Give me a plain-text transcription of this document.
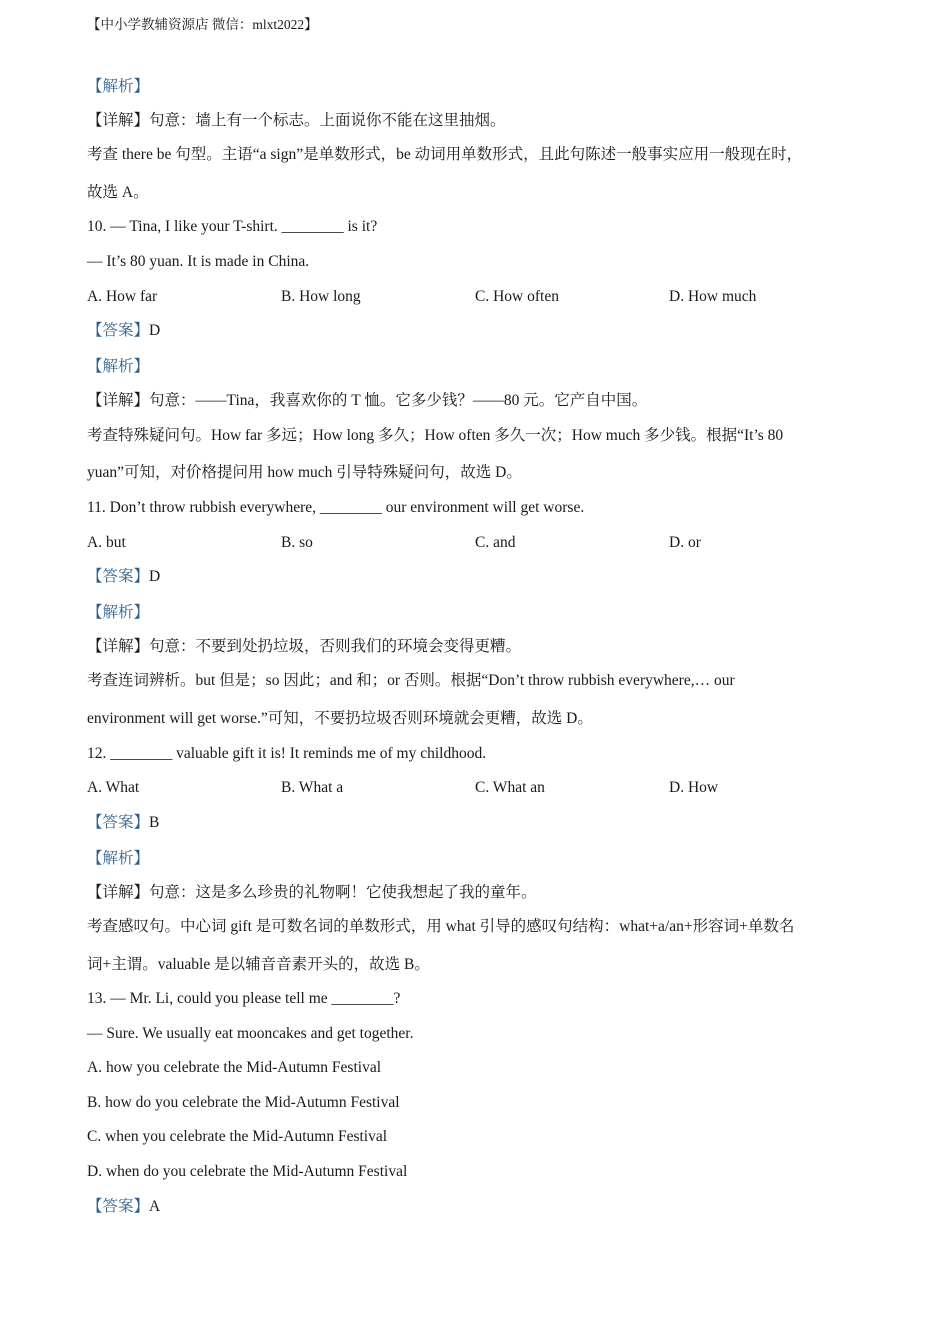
【中小学教辅资源店 微信：mlxt2022】
【解析】
【详解】句意：墙上有一个标志。上面说你不能在这里抽烟。
考查 there be 句型。主语“a sign”是单数形式，be 动词用单数形式，且此句陈述一般事实应用一般现在时，
故选 A。
10. — Tina, I like your T-shirt. ________ is it?
— It’s 80 yuan. It is made in China.
A. How far	B. How long	C. How often	D. How much
【答案】D
【解析】
【详解】句意：——Tina，我喜欢你的 T 恤。它多少钱？——80 元。它产自中国。
考查特殊疑问句。How far 多远；How long 多久；How often 多久一次；How much 多少钱。根据“It’s 80
yuan”可知，对价格提问用 how much 引导特殊疑问句，故选 D。
11. Don’t throw rubbish everywhere, ________ our environment will get worse.
A. but	B. so	C. and	D. or
【答案】D
【解析】
【详解】句意：不要到处扔垃圾，否则我们的环境会变得更糟。
考查连词辨析。but 但是；so 因此；and 和；or 否则。根据“Don’t throw rubbish everywhere,… our
environment will get worse.”可知，不要扔垃圾否则环境就会更糟，故选 D。
12. ________ valuable gift it is! It reminds me of my childhood.
A. What	B. What a	C. What an	D. How
【答案】B
【解析】
【详解】句意：这是多么珍贵的礼物啊！它使我想起了我的童年。
考查感叹句。中心词 gift 是可数名词的单数形式，用 what 引导的感叹句结构：what+a/an+形容词+单数名
词+主谓。valuable 是以辅音音素开头的，故选 B。
13. — Mr. Li, could you please tell me ________?
— Sure. We usually eat mooncakes and get together.
A. how you celebrate the Mid-Autumn Festival
B. how do you celebrate the Mid-Autumn Festival
C. when you celebrate the Mid-Autumn Festival
D. when do you celebrate the Mid-Autumn Festival
【答案】A
